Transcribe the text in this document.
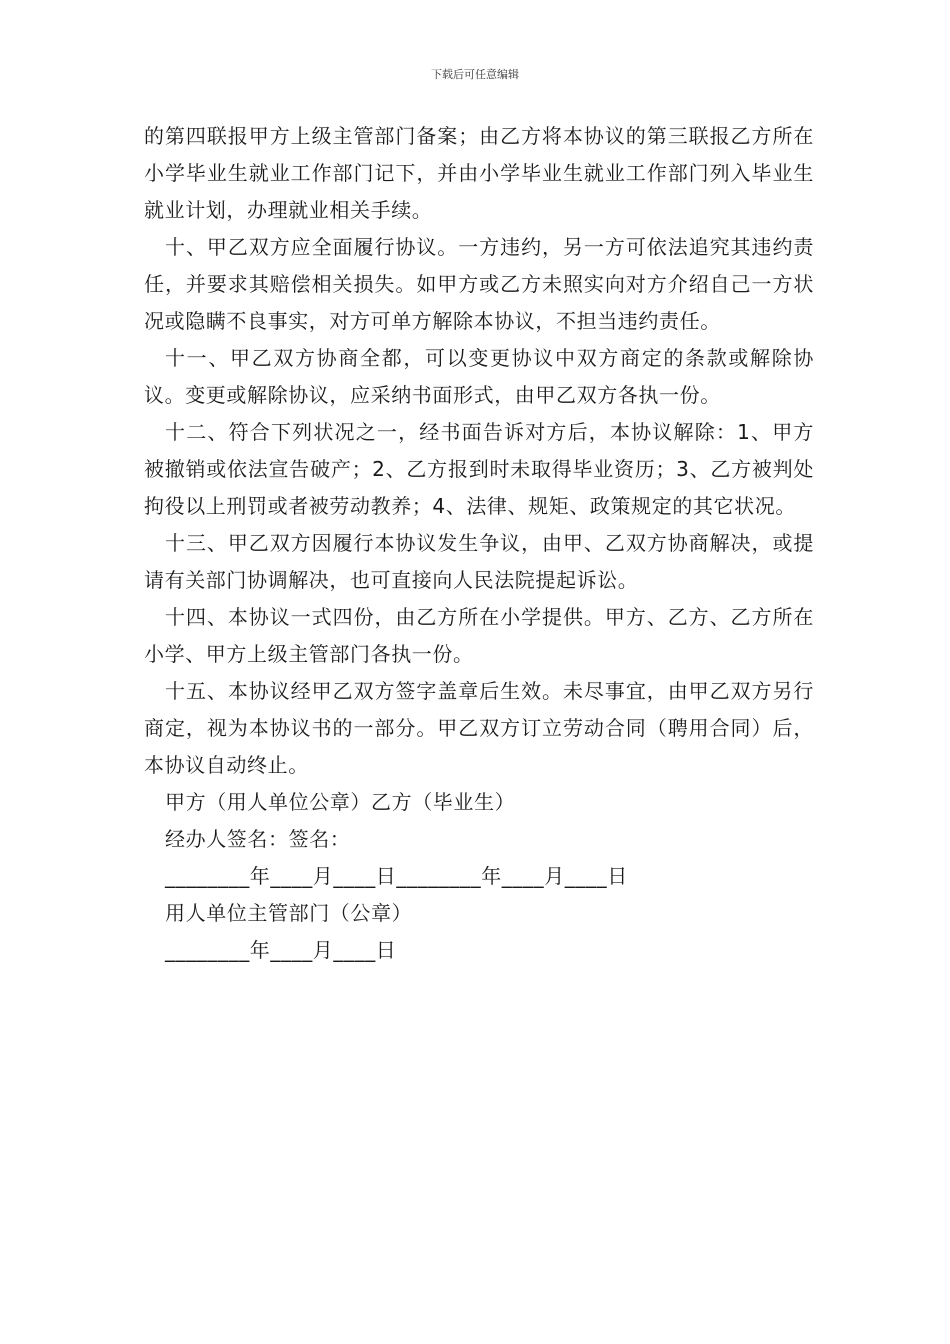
下载后可任意编辑

的第四联报甲方上级主管部门备案；由乙方将本协议的第三联报乙方所在小学毕业生就业工作部门记下，并由小学毕业生就业工作部门列入毕业生就业计划，办理就业相关手续。

十、甲乙双方应全面履行协议。一方违约，另一方可依法追究其违约责任，并要求其赔偿相关损失。如甲方或乙方未照实向对方介绍自己一方状况或隐瞒不良事实，对方可单方解除本协议，不担当违约责任。

十一、甲乙双方协商全都，可以变更协议中双方商定的条款或解除协议。变更或解除协议，应采纳书面形式，由甲乙双方各执一份。

十二、符合下列状况之一，经书面告诉对方后，本协议解除：1、甲方被撤销或依法宣告破产；2、乙方报到时未取得毕业资历；3、乙方被判处拘役以上刑罚或者被劳动教养；4、法律、规矩、政策规定的其它状况。

十三、甲乙双方因履行本协议发生争议，由甲、乙双方协商解决，或提请有关部门协调解决，也可直接向人民法院提起诉讼。

十四、本协议一式四份，由乙方所在小学提供。甲方、乙方、乙方所在小学、甲方上级主管部门各执一份。

十五、本协议经甲乙双方签字盖章后生效。未尽事宜，由甲乙双方另行商定，视为本协议书的一部分。甲乙双方订立劳动合同（聘用合同）后，本协议自动终止。

甲方（用人单位公章）乙方（毕业生）

经办人签名：签名：

________年____月____日________年____月____日

用人单位主管部门（公章）

________年____月____日
